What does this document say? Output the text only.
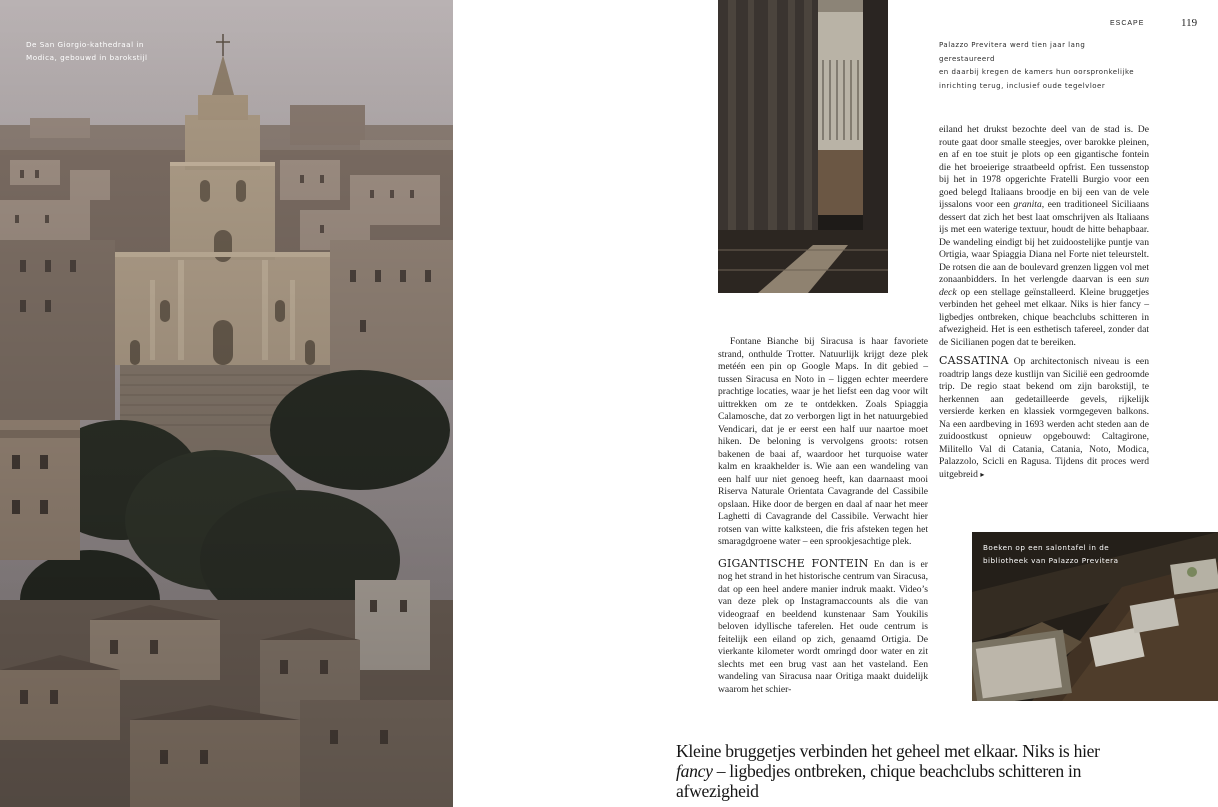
De San Giorgio-kathedraal in
Modica, gebouwd in barokstijl
ESCAPE	119
Palazzo Previtera werd tien jaar lang gerestaureerd
en daarbij kregen de kamers hun oorspronkelijke
inrichting terug, inclusief oude tegelvloer

Fontane Bianche bij Siracusa is haar favoriete strand, onthulde Trotter. Natuurlijk krijgt deze plek metéén een pin op Google Maps. In dit gebied – tussen Siracusa en Noto in – liggen echter meerdere prachtige locaties, waar je het liefst een dag voor wilt uittrekken om ze te ontdekken. Zoals Spiaggia Calamosche, dat zo verborgen ligt in het natuurgebied Vendicari, dat je er eerst een half uur naartoe moet hiken. De beloning is vervolgens groots: rotsen bakenen de baai af, waardoor het turquoise water kalm en kraakhelder is. Wie aan een wandeling van een half uur niet genoeg heeft, kan daarnaast mooi Riserva Naturale Orientata Cavagrande del Cassibile opslaan. Hike door de bergen en daal af naar het meer Laghetti di Cavagrande del Cassibile. Verwacht hier rotsen van witte kalksteen, die fris afsteken tegen het smaragdgroene water – een sprookjesachtige plek.

GIGANTISCHE FONTEIN En dan is er nog het strand in het historische centrum van Siracusa, dat op een heel andere manier indruk maakt. Video’s van deze plek op Instagramaccounts als die van videograaf en beeldend kunstenaar Sam Youkilis beloven idyllische taferelen. Het oude centrum is feitelijk een eiland op zich, genaamd Ortigia. De vierkante kilometer wordt omringd door water en zit slechts met een brug vast aan het vasteland. Een wandeling van Siracusa naar Oritiga maakt duidelijk waarom het schier-

eiland het drukst bezochte deel van de stad is. De route gaat door smalle steegjes, over barokke pleinen, en af en toe stuit je plots op een gigantische fontein die het broeierige straatbeeld opfrist. Een tussenstop bij het in 1978 opgerichte Fratelli Burgio voor een goed belegd Italiaans broodje en bij een van de vele ijssalons voor een granita, een traditioneel Siciliaans dessert dat zich het best laat omschrijven als Italiaans ijs met een waterige textuur, houdt de hitte behapbaar. De wandeling eindigt bij het zuidoostelijke puntje van Ortigia, waar Spiaggia Diana nel Forte niet teleurstelt. De rotsen die aan de boulevard grenzen liggen vol met zonaanbidders. In het verlengde daarvan is een sun deck op een stellage geïnstalleerd. Kleine bruggetjes verbinden het geheel met elkaar. Niks is hier fancy – ligbedjes ontbreken, chique beachclubs schitteren in afwezigheid. Het is een esthetisch tafereel, zonder dat de Sicilianen pogen dat te bereiken.

CASSATINA Op architectonisch niveau is een roadtrip langs deze kustlijn van Sicilië een gedroomde trip. De regio staat bekend om zijn barokstijl, te herkennen aan gedetailleerde gevels, rijkelijk versierde kerken en klassiek vormgegeven balkons. Na een aardbeving in 1693 werden acht steden aan de zuidoostkust opnieuw opgebouwd: Caltagirone, Militello Val di Catania, Catania, Noto, Modica, Palazzolo, Scicli en Ragusa. Tijdens dit proces werd uitgebreid ▸

Boeken op een salontafel in de
bibliotheek van Palazzo Previtera
Kleine bruggetjes verbinden het geheel met elkaar. Niks is hier fancy – ligbedjes ontbreken, chique beachclubs schitteren in afwezigheid
